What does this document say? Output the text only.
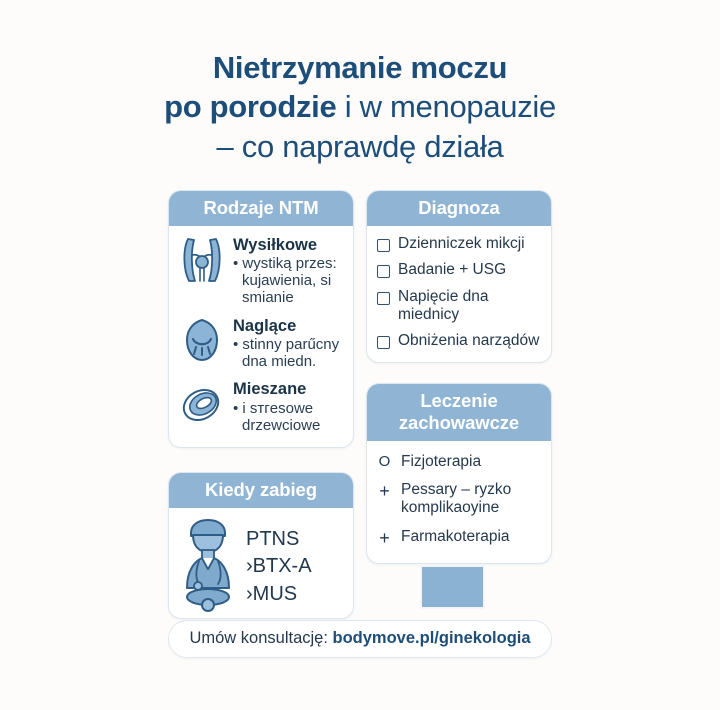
Nietrzymanie moczu
po porodzie i w menopauzie
– co naprawdę działa
Rodzaje NTM
Wysiłkowe
• wystiką przes: kujawienia, si smianie
Naglące
• stinny parűcny dna miedn.
Mieszane
• i sтгesowe drzewciowe
Kiedy zabieg
PTNS
›BTX-A
›MUS
Diagnoza
Dzienniczek mikcji
Badanie + USG
Napięcie dna miednicy
Obniżenia narządów
Leczenie
zachowawcze
O Fizjoterapia
+ Pessary – ryzko komplikaoyine
+ Farmakoterapia
Umów konsultację: bodymove.pl/ginekologia
